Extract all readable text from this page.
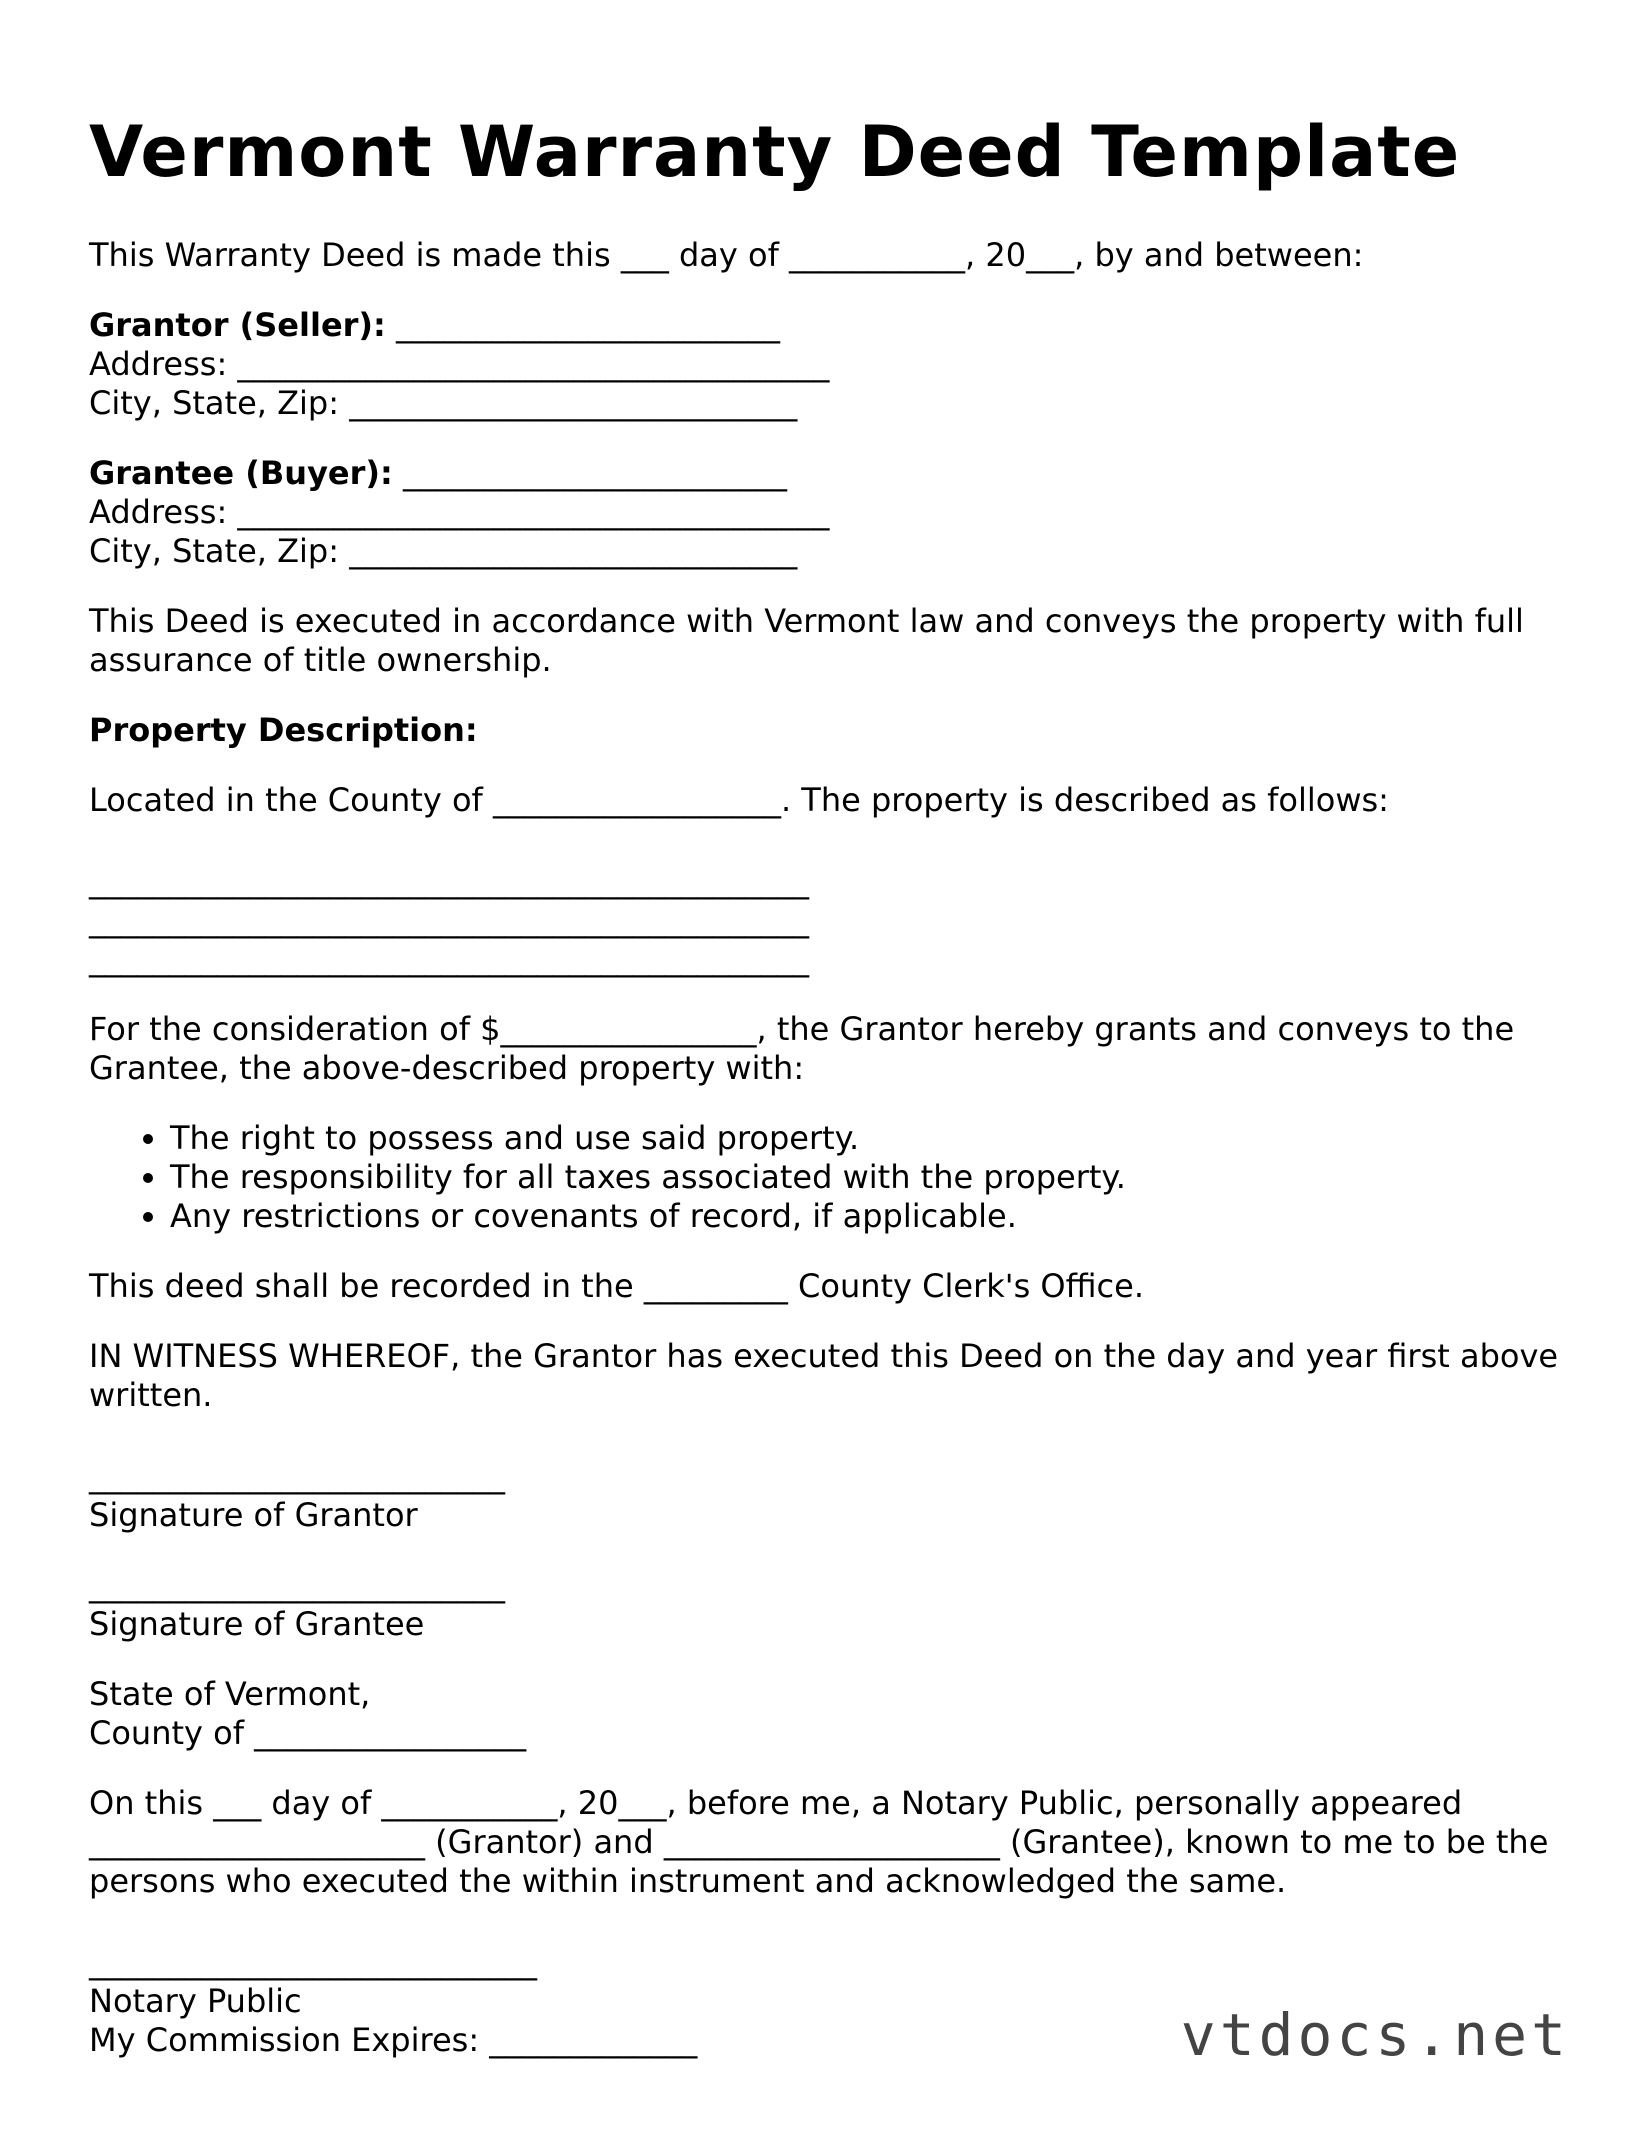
Vermont Warranty Deed Template

This Warranty Deed is made this ___ day of ___________, 20___, by and between:

Grantor (Seller): ________________________
Address: _____________________________________
City, State, Zip: ____________________________
Grantee (Buyer): ________________________
Address: _____________________________________
City, State, Zip: ____________________________

This Deed is executed in accordance with Vermont law and conveys the property with full assurance of title ownership.

Property Description:

Located in the County of __________________. The property is described as follows:

_____________________________________________
_____________________________________________
_____________________________________________

For the consideration of $________________, the Grantor hereby grants and conveys to the Grantee, the above-described property with:

• The right to possess and use said property.
• The responsibility for all taxes associated with the property.
• Any restrictions or covenants of record, if applicable.

This deed shall be recorded in the _________ County Clerk's Office.

IN WITNESS WHEREOF, the Grantor has executed this Deed on the day and year first above written.

__________________________
Signature of Grantor
__________________________
Signature of Grantee
State of Vermont,
County of _________________

On this ___ day of ___________, 20___, before me, a Notary Public, personally appeared _____________________ (Grantor) and _____________________ (Grantee), known to me to be the persons who executed the within instrument and acknowledged the same.

____________________________
Notary Public
My Commission Expires: _____________	vtdocs.net
